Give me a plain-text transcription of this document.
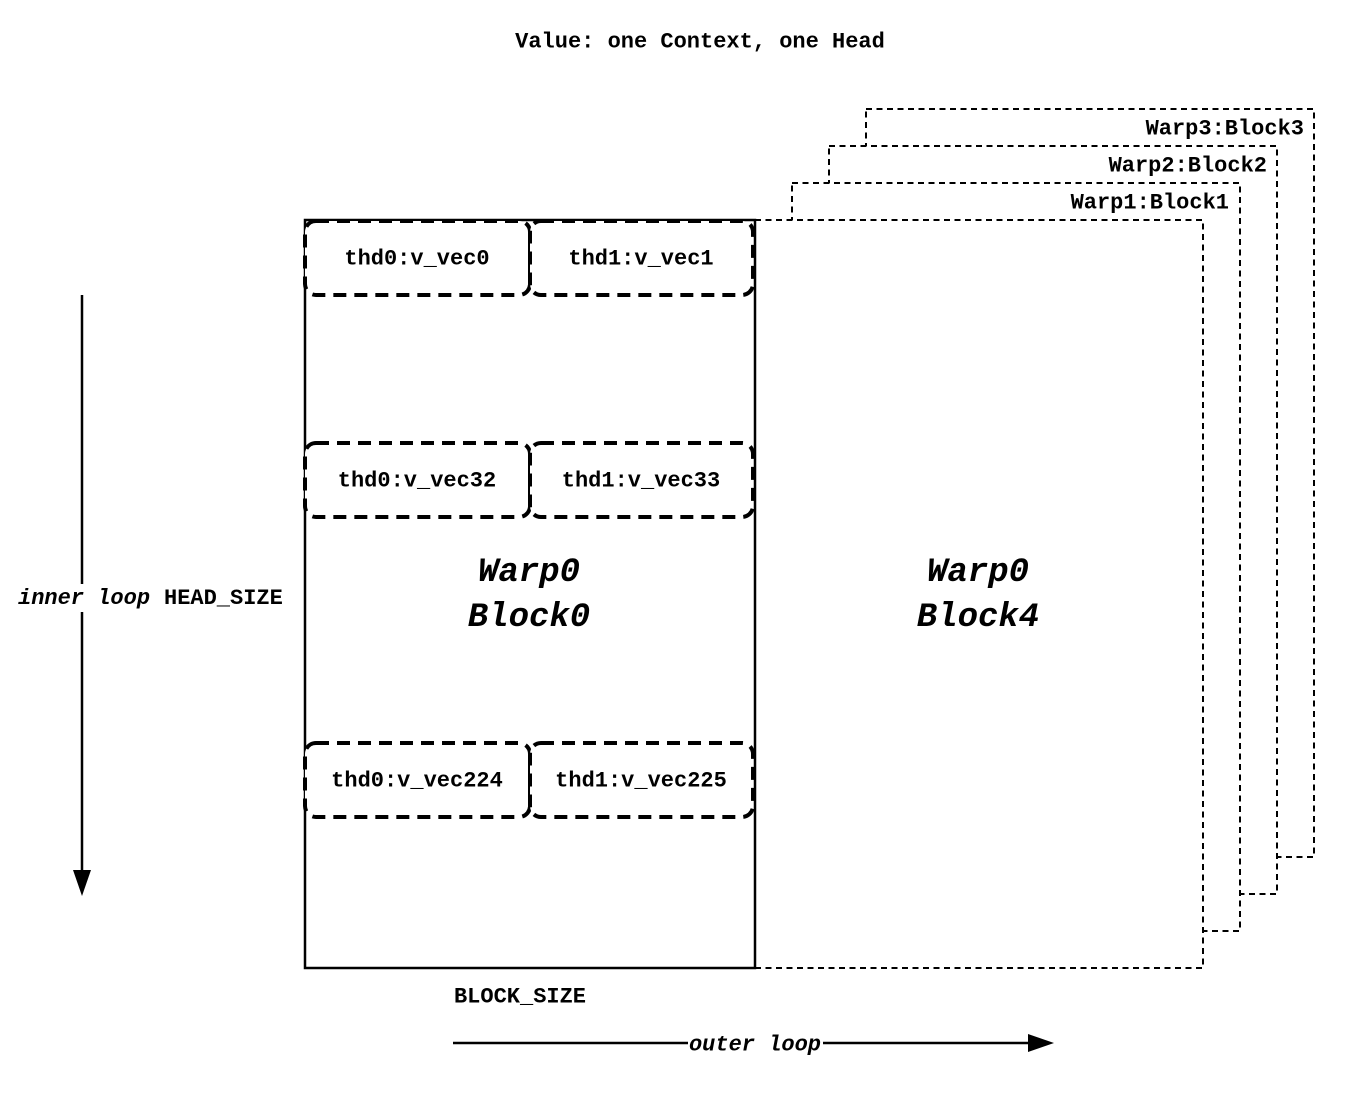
Value: one Context, one Head
Warp3:Block3
Warp2:Block2
Warp1:Block1
Warp0
Block4
Warp0
Block0
thd0:v_vec0	thd1:v_vec1
thd0:v_vec32	thd1:v_vec33
thd0:v_vec224 thd1:v_vec225
inner loop HEAD_SIZE
BLOCK_SIZE
outer loop
